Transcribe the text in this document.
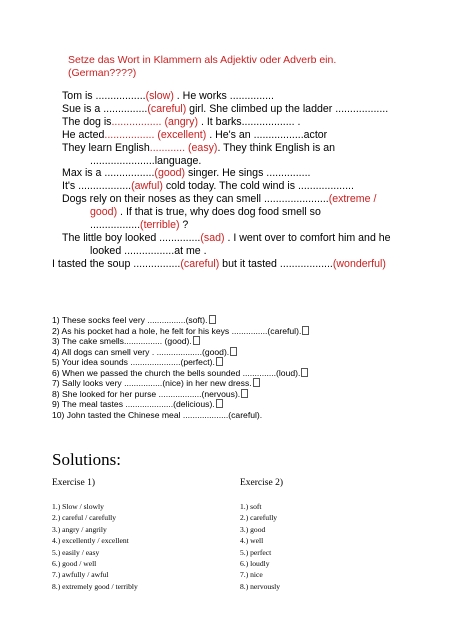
Setze das Wort in Klammern als Adjektiv oder Adverb ein.
(German????)
Tom is .................(slow) . He works ...............
Sue is a ...............(careful) girl. She climbed up the ladder ..................
The dog is................. (angry) . It barks.................. .
He acted................. (excellent) . He's an .................actor
They learn English............ (easy). They think English is an
......................language.
Max is a .................(good) singer. He sings ...............
It's ..................(awful) cold today. The cold wind is ...................
Dogs rely on their noses as they can smell ......................(extreme /
good) . If that is true, why does dog food smell so
.................(terrible) ?
The little boy looked ..............(sad) . I went over to comfort him and he
looked .................at me .
I tasted the soup ................(careful) but it tasted ..................(wonderful)
1) These socks feel very ................(soft).
2) As his pocket had a hole, he felt for his keys ...............(careful).
3) The cake smells................ (good).
4) All dogs can smell very . ...................(good).
5) Your idea sounds .....................(perfect).
6) When we passed the church the bells sounded ..............(loud).
7) Sally looks very ................(nice) in her new dress.
8) She looked for her purse ..................(nervous).
9) The meal tastes ....................(delicious).
10) John tasted the Chinese meal ...................(careful).
Solutions:
Exercise 1)
1.) Slow / slowly
2.) careful / carefully
3.) angry / angrily
4.) excellently / excellent
5.) easily / easy
6.) good / well
7.) awfully / awful
8.) extremely good / terribly
Exercise 2)
1.) soft
2.) carefully
3.) good
4.) well
5.) perfect
6.) loudly
7.) nice
8.) nervously
